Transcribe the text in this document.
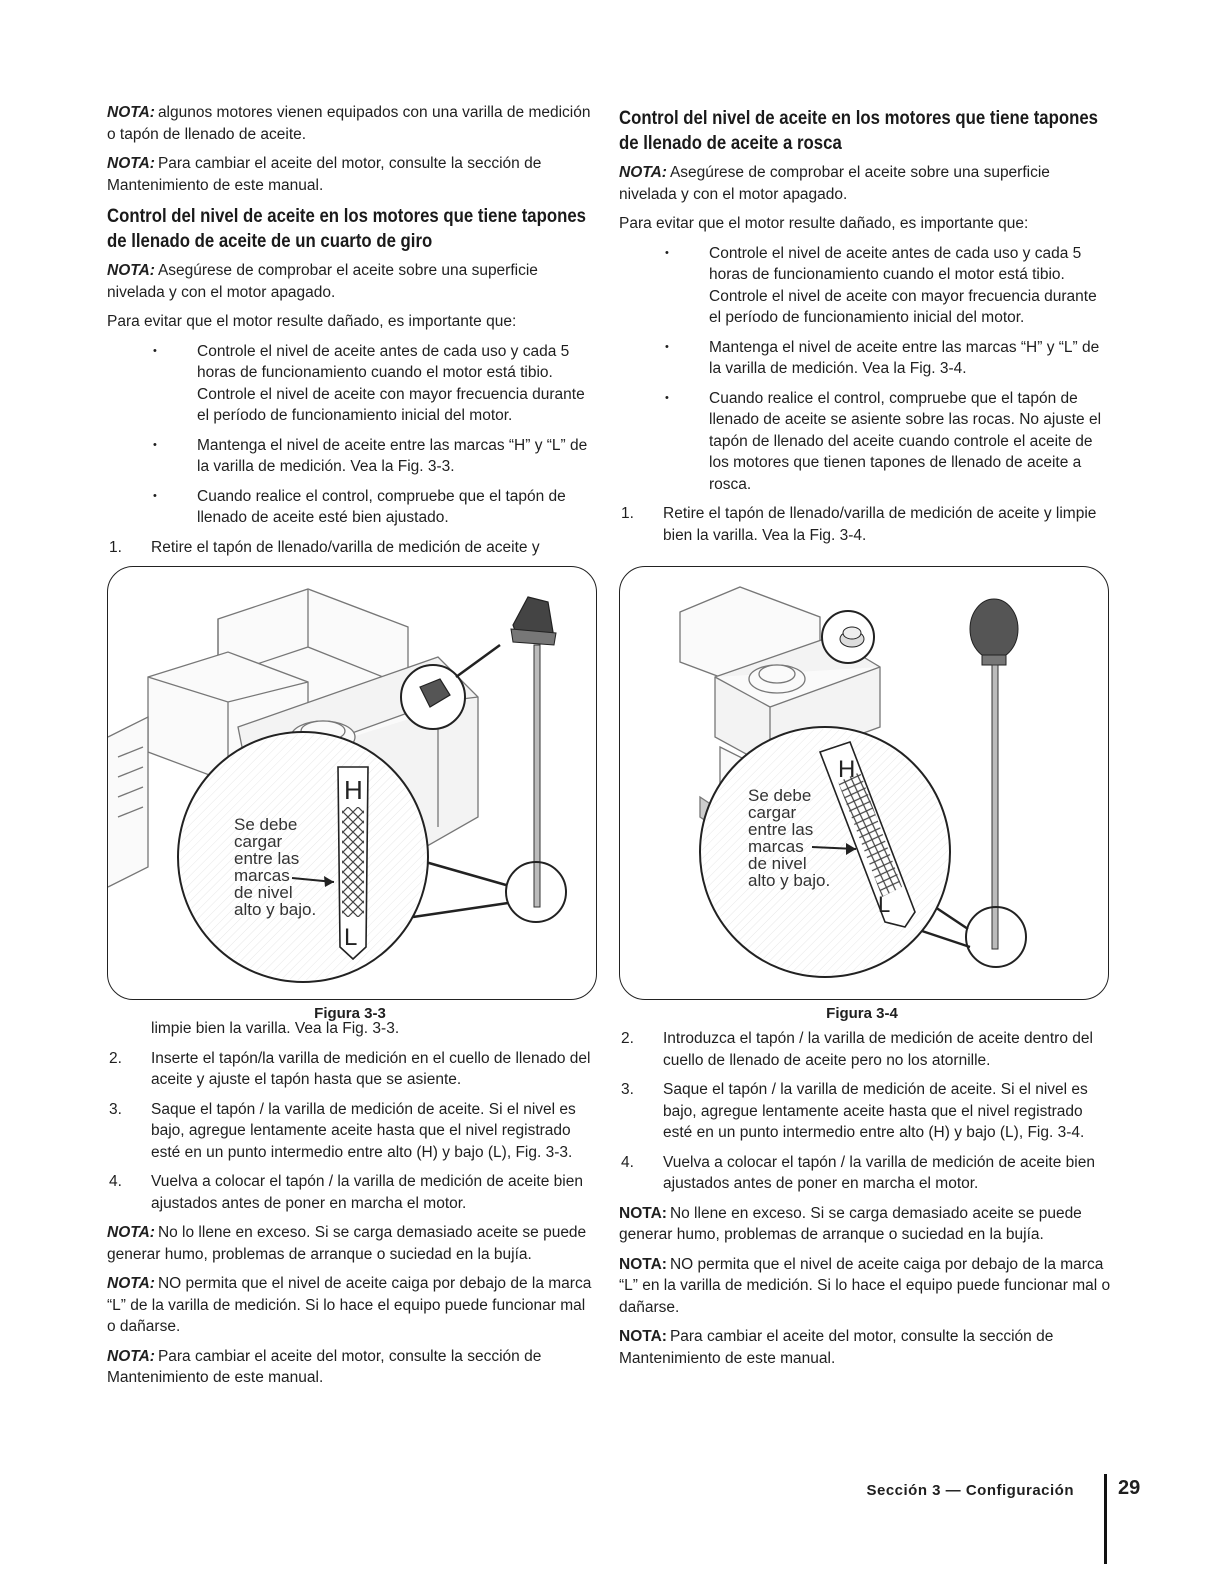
NOTA: algunos motores vienen equipados con una varilla de medición o tapón de llenado de aceite.

NOTA: Para cambiar el aceite del motor, consulte la sección de Mantenimiento de este manual.

Control del nivel de aceite en los motores que tiene tapones de llenado de aceite de un cuarto de giro

NOTA: Asegúrese de comprobar el aceite sobre una superficie nivelada y con el motor apagado.

Para evitar que el motor resulte dañado, es importante que:

• Controle el nivel de aceite antes de cada uso y cada 5 horas de funcionamiento cuando el motor está tibio. Controle el nivel de aceite con mayor frecuencia durante el período de funcionamiento inicial del motor.
• Mantenga el nivel de aceite entre las marcas “H” y “L” de la varilla de medición. Vea la Fig. 3-3.
• Cuando realice el control, compruebe que el tapón de llenado de aceite esté bien ajustado.
1. Retire el tapón de llenado/varilla de medición de aceite y
Control del nivel de aceite en los motores que tiene tapones de llenado de aceite a rosca

NOTA: Asegúrese de comprobar el aceite sobre una superficie nivelada y con el motor apagado.

Para evitar que el motor resulte dañado, es importante que:

• Controle el nivel de aceite antes de cada uso y cada 5 horas de funcionamiento cuando el motor está tibio. Controle el nivel de aceite con mayor frecuencia durante el período de funcionamiento inicial del motor.
• Mantenga el nivel de aceite entre las marcas “H” y “L” de la varilla de medición. Vea la Fig. 3-4.
• Cuando realice el control, compruebe que el tapón de llenado de aceite se asiente sobre las rocas. No ajuste el tapón de llenado del aceite cuando controle el aceite de los motores que tienen tapones de llenado de aceite a rosca.
1. Retire el tapón de llenado/varilla de medición de aceite y limpie bien la varilla. Vea la Fig. 3-4.
H
L
Se debe
cargar
entre las
marcas
de nivel
alto y bajo.
Figura 3-3
H
L
Se debe
cargar
entre las
marcas
de nivel
alto y bajo.
Figura 3-4

limpie bien la varilla. Vea la Fig. 3-3.

2. Inserte el tapón/la varilla de medición en el cuello de llenado del aceite y ajuste el tapón hasta que se asiente.
3. Saque el tapón / la varilla de medición de aceite. Si el nivel es bajo, agregue lentamente aceite hasta que el nivel registrado esté en un punto intermedio entre alto (H) y bajo (L), Fig. 3-3.
4. Vuelva a colocar el tapón / la varilla de medición de aceite bien ajustados antes de poner en marcha el motor.

NOTA: No lo llene en exceso. Si se carga demasiado aceite se puede generar humo, problemas de arranque o suciedad en la bujía.

NOTA: NO permita que el nivel de aceite caiga por debajo de la marca “L” de la varilla de medición. Si lo hace el equipo puede funcionar mal o dañarse.

NOTA: Para cambiar el aceite del motor, consulte la sección de Mantenimiento de este manual.

2. Introduzca el tapón / la varilla de medición de aceite dentro del cuello de llenado de aceite pero no los atornille.
3. Saque el tapón / la varilla de medición de aceite. Si el nivel es bajo, agregue lentamente aceite hasta que el nivel registrado esté en un punto intermedio entre alto (H) y bajo (L), Fig. 3-4.
4. Vuelva a colocar el tapón / la varilla de medición de aceite bien ajustados antes de poner en marcha el motor.

NOTA: No llene en exceso. Si se carga demasiado aceite se puede generar humo, problemas de arranque o suciedad en la bujía.

NOTA: NO permita que el nivel de aceite caiga por debajo de la marca “L” en la varilla de medición. Si lo hace el equipo puede funcionar mal o dañarse.

NOTA: Para cambiar el aceite del motor, consulte la sección de Mantenimiento de este manual.

Sección 3 — Configuración 29
